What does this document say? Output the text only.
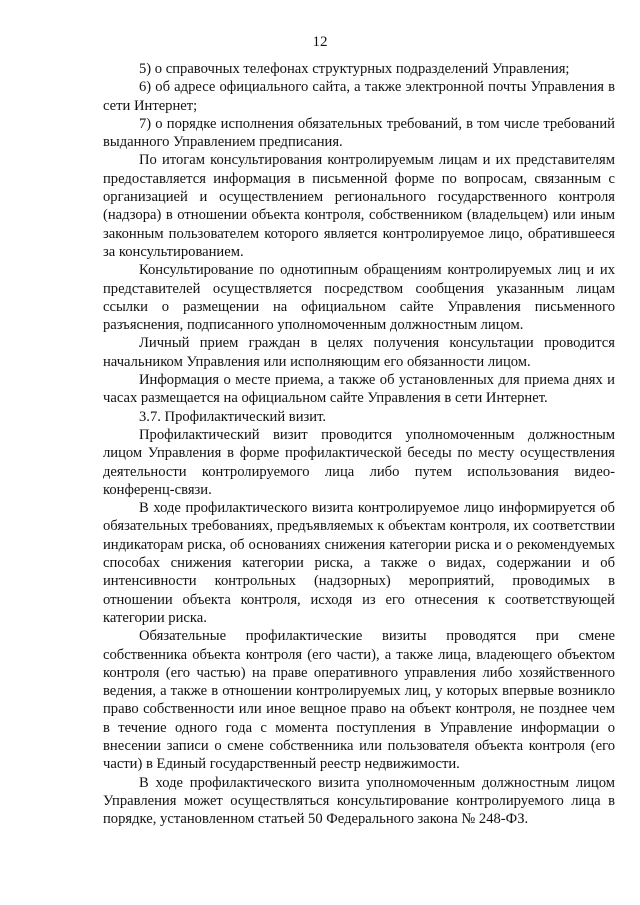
12

5) о справочных телефонах структурных подразделений Управления;

6) об адресе официального сайта, а также электронной почты Управления в сети Интернет;

7) о порядке исполнения обязательных требований, в том числе требований выданного Управлением предписания.

По итогам консультирования контролируемым лицам и их представителям предоставляется информация в письменной форме по вопросам, связанным с организацией и осуществлением регионального государственного контроля (надзора) в отношении объекта контроля, собственником (владельцем) или иным законным пользователем которого является контролируемое лицо, обратившееся за консультированием.

Консультирование по однотипным обращениям контролируемых лиц и их представителей осуществляется посредством сообщения указанным лицам ссылки о размещении на официальном сайте Управления письменного разъяснения, подписанного уполномоченным должностным лицом.

Личный прием граждан в целях получения консультации проводится начальником Управления или исполняющим его обязанности лицом.

Информация о месте приема, а также об установленных для приема днях и часах размещается на официальном сайте Управления в сети Интернет.

3.7. Профилактический визит.

Профилактический визит проводится уполномоченным должностным лицом Управления в форме профилактической беседы по месту осуществления деятельности контролируемого лица либо путем использования видео-конференц-связи.

В ходе профилактического визита контролируемое лицо информируется об обязательных требованиях, предъявляемых к объектам контроля, их соответствии индикаторам риска, об основаниях снижения категории риска и о рекомендуемых способах снижения категории риска, а также о видах, содержании и об интенсивности контрольных (надзорных) мероприятий, проводимых в отношении объекта контроля, исходя из его отнесения к соответствующей категории риска.

Обязательные профилактические визиты проводятся при смене собственника объекта контроля (его части), а также лица, владеющего объектом контроля (его частью) на праве оперативного управления либо хозяйственного ведения, а также в отношении контролируемых лиц, у которых впервые возникло право собственности или иное вещное право на объект контроля, не позднее чем в течение одного года с момента поступления в Управление информации о внесении записи о смене собственника или пользователя объекта контроля (его части) в Единый государственный реестр недвижимости.

В ходе профилактического визита уполномоченным должностным лицом Управления может осуществляться консультирование контролируемого лица в порядке, установленном статьей 50 Федерального закона № 248-ФЗ.
